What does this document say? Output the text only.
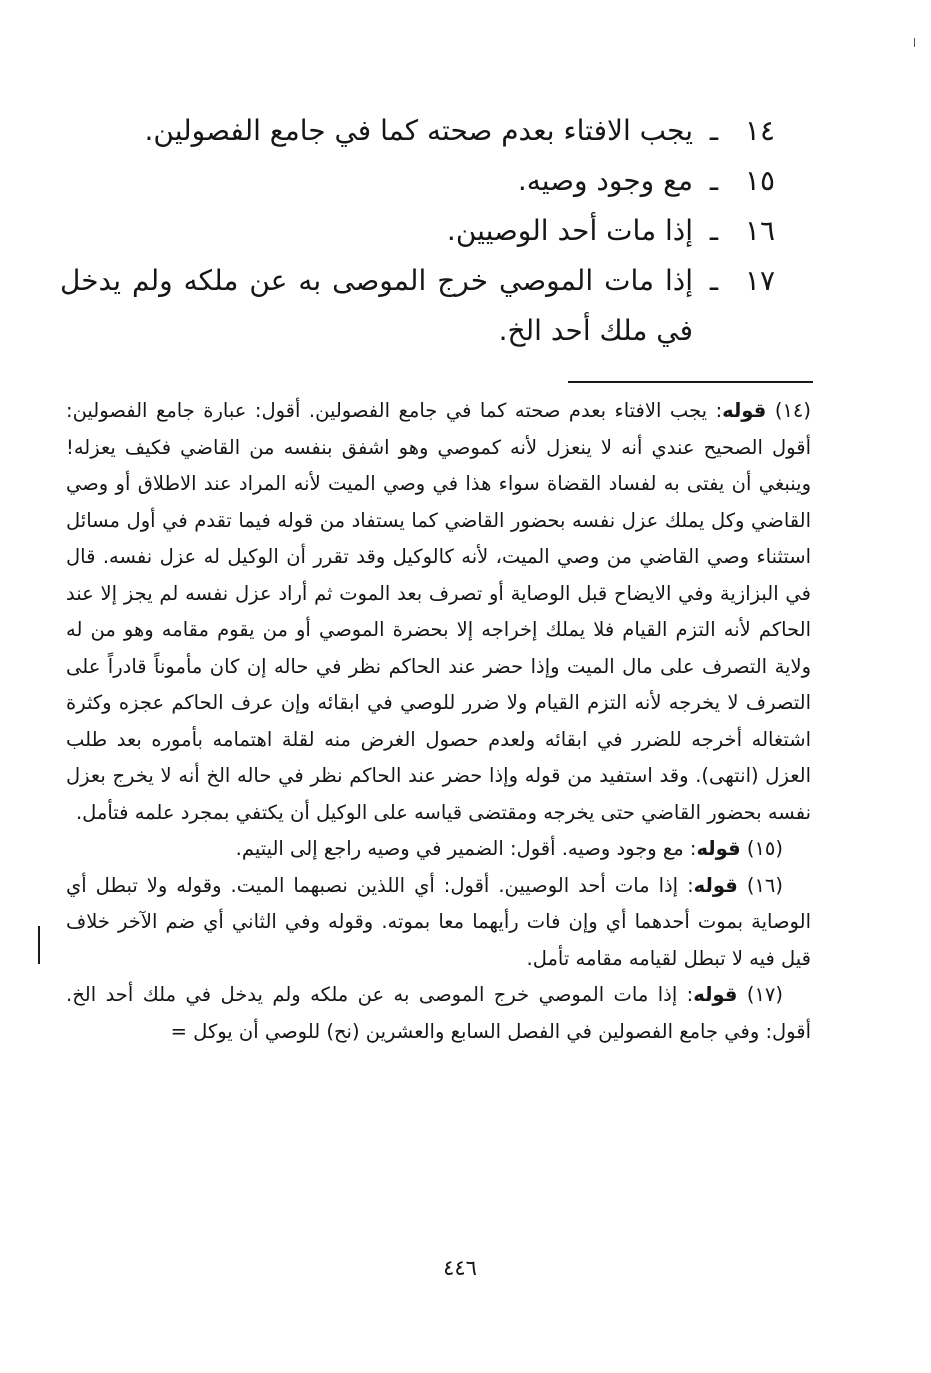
١٤
ـ
يجب الافتاء بعدم صحته كما في جامع الفصولين.
١٥
ـ
مع وجود وصيه.
١٦
ـ
إذا مات أحد الوصيين.
١٧
ـ
إذا مات الموصي خرج الموصى به عن ملكه ولم يدخل في ملك أحد الخ.

(١٤) قوله: يجب الافتاء بعدم صحته كما في جامع الفصولين. أقول: عبارة جامع الفصولين: أقول الصحيح عندي أنه لا ينعزل لأنه كموصي وهو اشفق بنفسه من القاضي فكيف يعزله! وينبغي أن يفتى به لفساد القضاة سواء هذا في وصي الميت لأنه المراد عند الاطلاق أو وصي القاضي وكل يملك عزل نفسه بحضور القاضي كما يستفاد من قوله فيما تقدم في أول مسائل استثناء وصي القاضي من وصي الميت، لأنه كالوكيل وقد تقرر أن الوكيل له عزل نفسه. قال في البزازية وفي الايضاح قبل الوصاية أو تصرف بعد الموت ثم أراد عزل نفسه لم يجز إلا عند الحاكم لأنه التزم القيام فلا يملك إخراجه إلا بحضرة الموصي أو من يقوم مقامه وهو من له ولاية التصرف على مال الميت وإذا حضر عند الحاكم نظر في حاله إن كان مأموناً قادراً على التصرف لا يخرجه لأنه التزم القيام ولا ضرر للوصي في ابقائه وإن عرف الحاكم عجزه وكثرة اشتغاله أخرجه للضرر في ابقائه ولعدم حصول الغرض منه لقلة اهتمامه بأموره بعد طلب العزل (انتهى). وقد استفيد من قوله وإذا حضر عند الحاكم نظر في حاله الخ أنه لا يخرج بعزل نفسه بحضور القاضي حتى يخرجه ومقتضى قياسه على الوكيل أن يكتفي بمجرد علمه فتأمل.

(١٥) قوله: مع وجود وصيه. أقول: الضمير في وصيه راجع إلى اليتيم.

(١٦) قوله: إذا مات أحد الوصيين. أقول: أي اللذين نصبهما الميت. وقوله ولا تبطل أي الوصاية بموت أحدهما أي وإن فات رأيهما معا بموته. وقوله وفي الثاني أي ضم الآخر خلاف قيل فيه لا تبطل لقيامه مقامه تأمل.

(١٧) قوله: إذا مات الموصي خرج الموصى به عن ملكه ولم يدخل في ملك أحد الخ. أقول: وفي جامع الفصولين في الفصل السابع والعشرين (نح) للوصي أن يوكل =

٤٤٦
